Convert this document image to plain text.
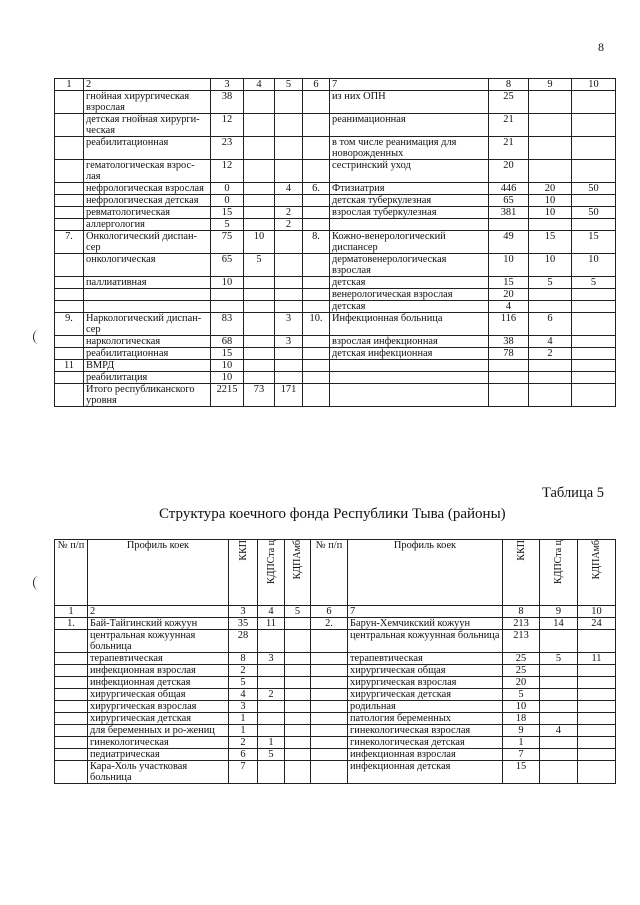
8
1	2	3	4	5	6	7	8	9	10
	гнойная хирургическая взрослая	38				из них ОПН	25		
	детская гнойная хирурги-ческая	12				реанимационная	21		
	реабилитационная	23				в том числе реанимация для новорожденных	21		
	гематологическая взрос-лая	12				сестринский уход	20		
	нефрологическая взрослая	0		4	6.	Фтизиатрия	446	20	50
	нефрологическая детская	0				детская туберкулезная	65	10	
	ревматологическая	15		2		взрослая туберкулезная	381	10	50
	аллергология	5		2					
7.	Онкологический диспан-сер	75	10		8.	Кожно-венерологический диспансер	49	15	15
	онкологическая	65	5			дерматовенерологическая взрослая	10	10	10
	паллиативная	10				детская	15	5	5
						венерологическая взрослая	20		
						детская	4		
9.	Наркологический диспан-сер	83		3	10.	Инфекционная больница	116	6	
	наркологическая	68		3		взрослая инфекционная	38	4	
	реабилитационная	15				детская инфекционная	78	2	
11	ВМРД	10							
	реабилитация	10							
	Итого республиканского уровня	2215	73	171					
Таблица 5
Структура коечного фонда Республики Тыва (районы)
№ п/п	Профиль коек	ККП	КДПСта ц	КДПАмб	№ п/п	Профиль коек	ККП	КДПСта ц	КДПАмб
1	2	3	4	5	6	7	8	9	10
1.	Бай-Тайгинский кожуун	35	11		2.	Барун-Хемчикский кожуун	213	14	24
	центральная кожуунная больница	28				центральная кожуунная больница	213		
	терапевтическая	8	3			терапевтическая	25	5	11
	инфекционная взрослая	2				хирургическая общая	25		
	инфекционная детская	5				хирургическая взрослая	20		
	хирургическая общая	4	2			хирургическая детская	5		
	хирургическая взрослая	3				родильная	10		
	хирургическая детская	1				патология беременных	18		
	для беременных и ро-жениц	1				гинекологическая взрослая	9	4	
	гинекологическая	2	1			гинекологическая детская	1		
	педиатрическая	6	5			инфекционная взрослая	7		
	Кара-Холь участковая больница	7				инфекционная детская	15		
